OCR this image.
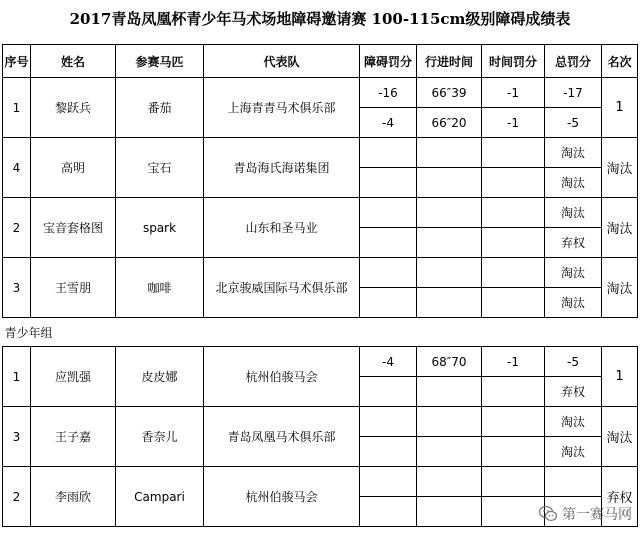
2017青岛凤凰杯青少年马术场地障碍邀请赛 100-115cm级别障碍成绩表
序号	姓名	参赛马匹	代表队	障碍罚分	行进时间	时间罚分	总罚分	名次
1	黎跃兵	番茄	上海青青马术俱乐部	-16	66″39	-1	-17	1
				-4	66″20	-1	-5	
4	高明	宝石	青岛海氏海诺集团				淘汰	淘汰
							淘汰	
2	宝音套格图	spark	山东和圣马业				淘汰	淘汰
							弃权	
3	王雪朋	咖啡	北京骏威国际马术俱乐部				淘汰	淘汰
							淘汰	
青少年组								
1	应凯强	皮皮娜	杭州伯骏马会	-4	68″70	-1	-5	1
							弃权	
3	王子嘉	香奈儿	青岛凤凰马术俱乐部				淘汰	淘汰
							淘汰	
2	李雨欣	Campari	杭州伯骏马会					弃权

第一赛马网
